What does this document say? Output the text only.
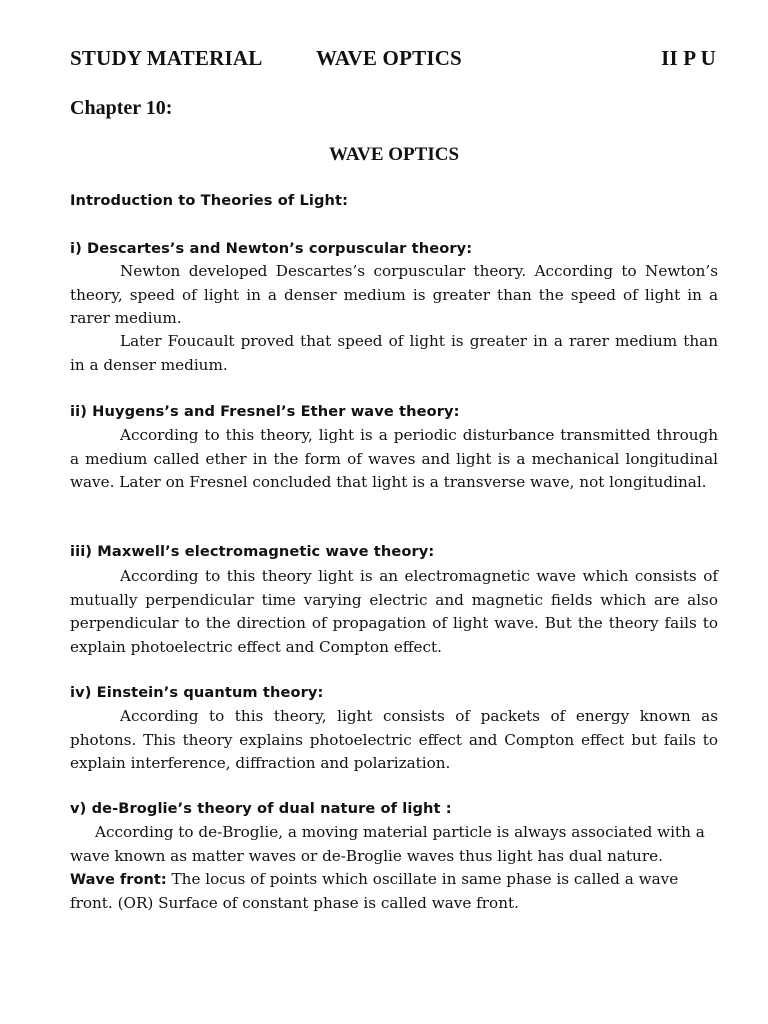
STUDY MATERIAL	WAVE OPTICS	II P U
Chapter 10:
WAVE OPTICS
Introduction to Theories of Light:
i) Descartes’s and Newton’s corpuscular theory:

Newton developed Descartes’s corpuscular theory. According to Newton’s theory, speed of light in a denser medium is greater than the speed of light in a rarer medium.

Later Foucault proved that speed of light is greater in a rarer medium than in a denser medium.

ii) Huygens’s and Fresnel’s Ether wave theory:

According to this theory, light is a periodic disturbance transmitted through a medium called ether in the form of waves and light is a mechanical longitudinal wave. Later on Fresnel concluded that light is a transverse wave, not longitudinal.

iii) Maxwell’s electromagnetic wave theory:

According to this theory light is an electromagnetic wave which consists of mutually perpendicular time varying electric and magnetic fields which are also perpendicular to the direction of propagation of light wave. But the theory fails to explain photoelectric effect and Compton effect.

iv) Einstein’s quantum theory:

According to this theory, light consists of packets of energy known as photons. This theory explains photoelectric effect and Compton effect but fails to explain interference, diffraction and polarization.

v) de-Broglie’s theory of dual nature of light :

According to de-Broglie, a moving material particle is always associated with a wave known as matter waves or de-Broglie waves thus light has dual nature.

Wave front: The locus of points which oscillate in same phase is called a wave front. (OR) Surface of constant phase is called wave front.
